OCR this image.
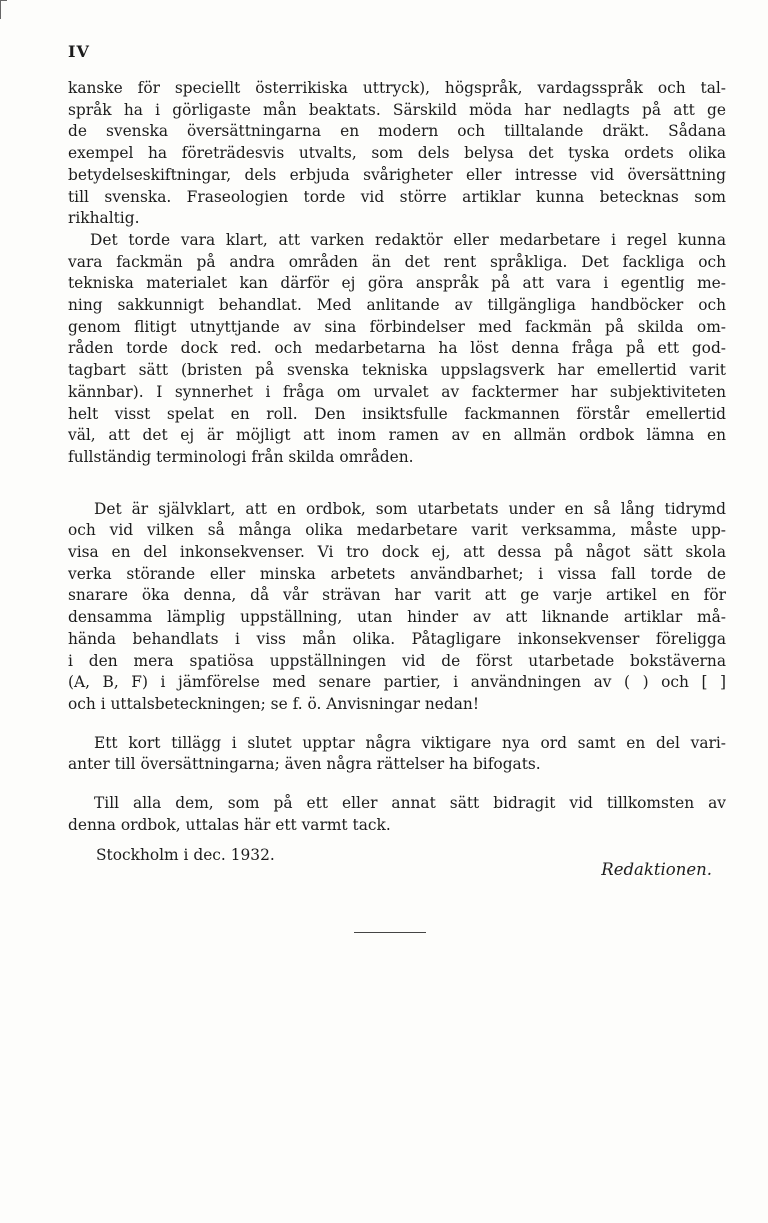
IV
kanske för speciellt österrikiska uttryck), högspråk, vardagsspråk och tal-
språk ha i görligaste mån beaktats. Särskild möda har nedlagts på att ge
de svenska översättningarna en modern och tilltalande dräkt. Sådana
exempel ha företrädesvis utvalts, som dels belysa det tyska ordets olika
betydelseskiftningar, dels erbjuda svårigheter eller intresse vid översättning
till svenska. Fraseologien torde vid större artiklar kunna betecknas som
rikhaltig.
Det torde vara klart, att varken redaktör eller medarbetare i regel kunna
vara fackmän på andra områden än det rent språkliga. Det fackliga och
tekniska materialet kan därför ej göra anspråk på att vara i egentlig me-
ning sakkunnigt behandlat. Med anlitande av tillgängliga handböcker och
genom flitigt utnyttjande av sina förbindelser med fackmän på skilda om-
råden torde dock red. och medarbetarna ha löst denna fråga på ett god-
tagbart sätt (bristen på svenska tekniska uppslagsverk har emellertid varit
kännbar). I synnerhet i fråga om urvalet av facktermer har subjektiviteten
helt visst spelat en roll. Den insiktsfulle fackmannen förstår emellertid
väl, att det ej är möjligt att inom ramen av en allmän ordbok lämna en
fullständig terminologi från skilda områden.
Det är självklart, att en ordbok, som utarbetats under en så lång tidrymd
och vid vilken så många olika medarbetare varit verksamma, måste upp-
visa en del inkonsekvenser. Vi tro dock ej, att dessa på något sätt skola
verka störande eller minska arbetets användbarhet; i vissa fall torde de
snarare öka denna, då vår strävan har varit att ge varje artikel en för
densamma lämplig uppställning, utan hinder av att liknande artiklar må-
hända behandlats i viss mån olika. Påtagligare inkonsekvenser föreligga
i den mera spatiösa uppställningen vid de först utarbetade bokstäverna
(A, B, F) i jämförelse med senare partier, i användningen av ( ) och [ ]
och i uttalsbeteckningen; se f. ö. Anvisningar nedan!
Ett kort tillägg i slutet upptar några viktigare nya ord samt en del vari-
anter till översättningarna; även några rättelser ha bifogats.
Till alla dem, som på ett eller annat sätt bidragit vid tillkomsten av
denna ordbok, uttalas här ett varmt tack.
Stockholm i dec. 1932.
Redaktionen.
